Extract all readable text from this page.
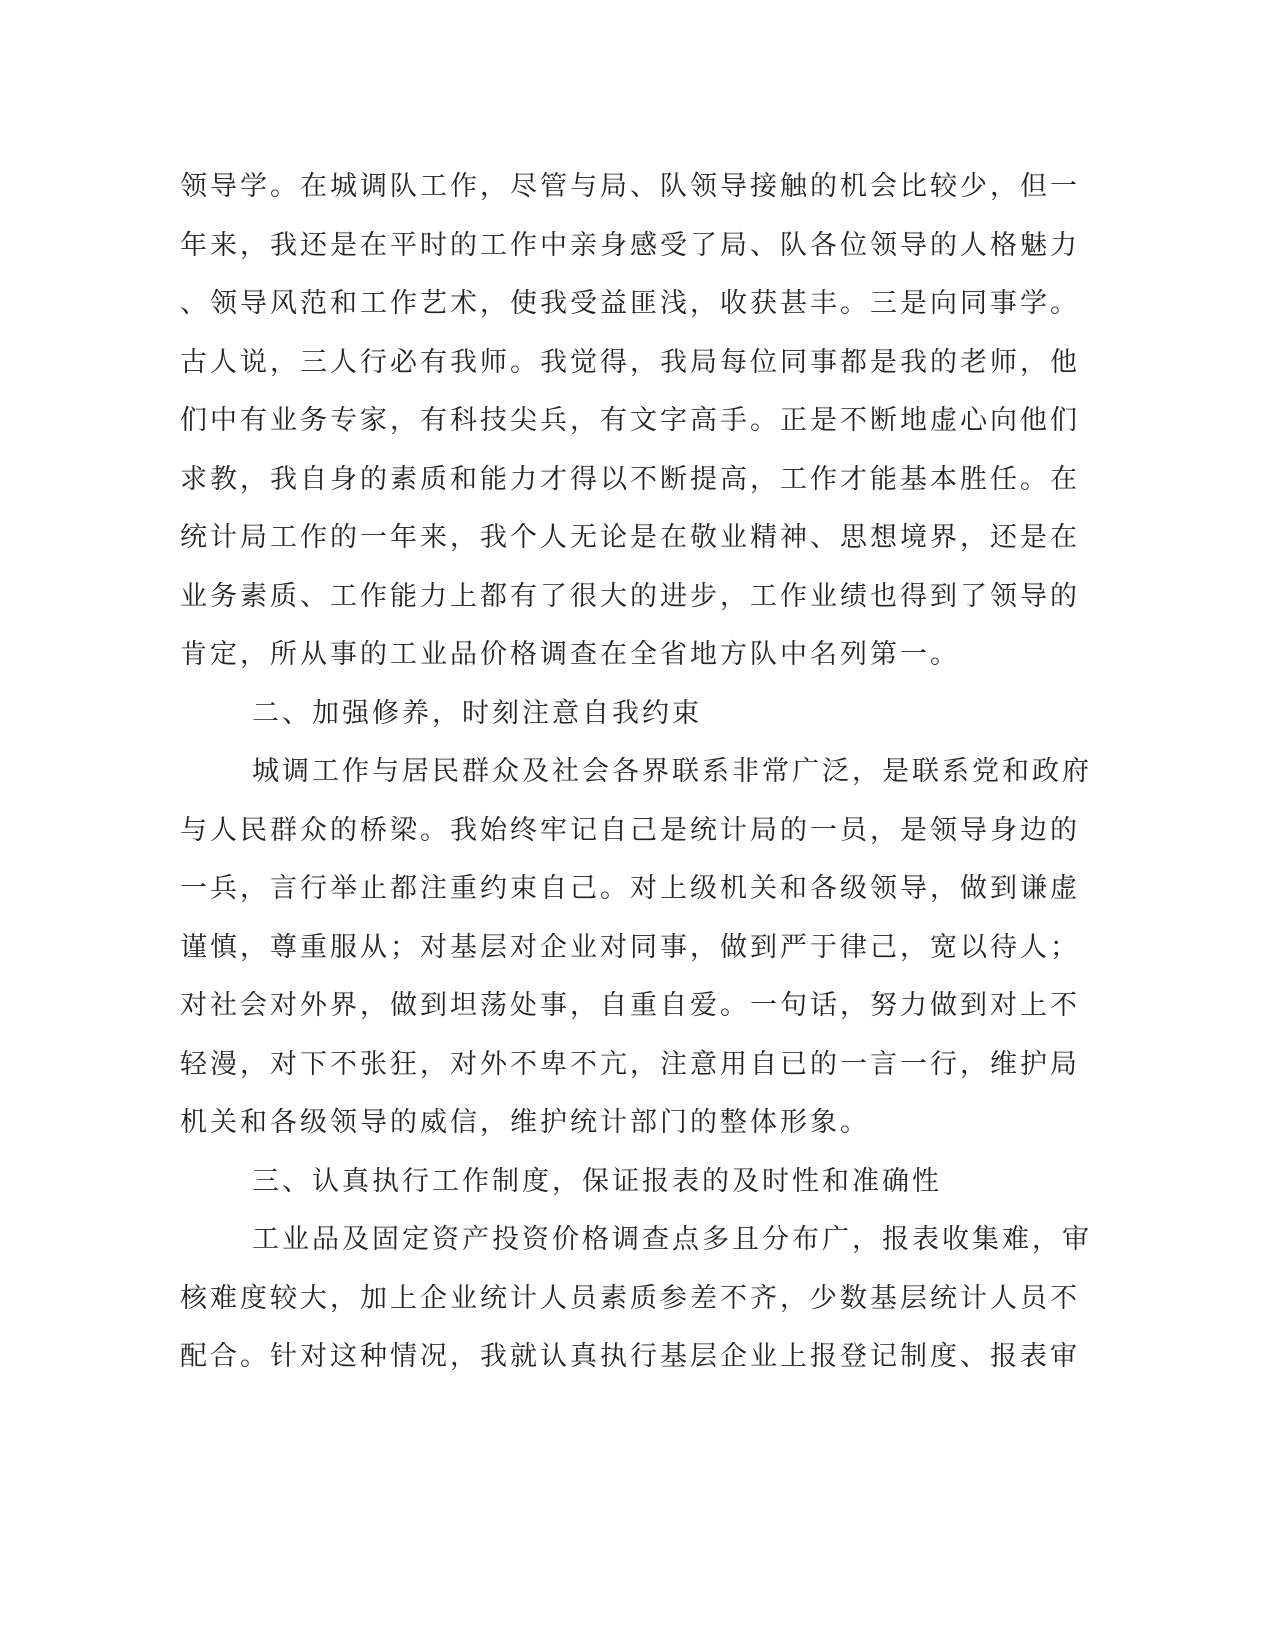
领导学。在城调队工作，尽管与局、队领导接触的机会比较少，但一
年来，我还是在平时的工作中亲身感受了局、队各位领导的人格魅力
、领导风范和工作艺术，使我受益匪浅，收获甚丰。三是向同事学。
古人说，三人行必有我师。我觉得，我局每位同事都是我的老师，他
们中有业务专家，有科技尖兵，有文字高手。正是不断地虚心向他们
求教，我自身的素质和能力才得以不断提高，工作才能基本胜任。在
统计局工作的一年来，我个人无论是在敬业精神、思想境界，还是在
业务素质、工作能力上都有了很大的进步，工作业绩也得到了领导的
肯定，所从事的工业品价格调查在全省地方队中名列第一。
二、加强修养，时刻注意自我约束
城调工作与居民群众及社会各界联系非常广泛，是联系党和政府
与人民群众的桥梁。我始终牢记自己是统计局的一员，是领导身边的
一兵，言行举止都注重约束自己。对上级机关和各级领导，做到谦虚
谨慎，尊重服从；对基层对企业对同事，做到严于律己，宽以待人；
对社会对外界，做到坦荡处事，自重自爱。一句话，努力做到对上不
轻漫，对下不张狂，对外不卑不亢，注意用自已的一言一行，维护局
机关和各级领导的威信，维护统计部门的整体形象。
三、认真执行工作制度，保证报表的及时性和准确性
工业品及固定资产投资价格调查点多且分布广，报表收集难，审
核难度较大，加上企业统计人员素质参差不齐，少数基层统计人员不
配合。针对这种情况，我就认真执行基层企业上报登记制度、报表审
